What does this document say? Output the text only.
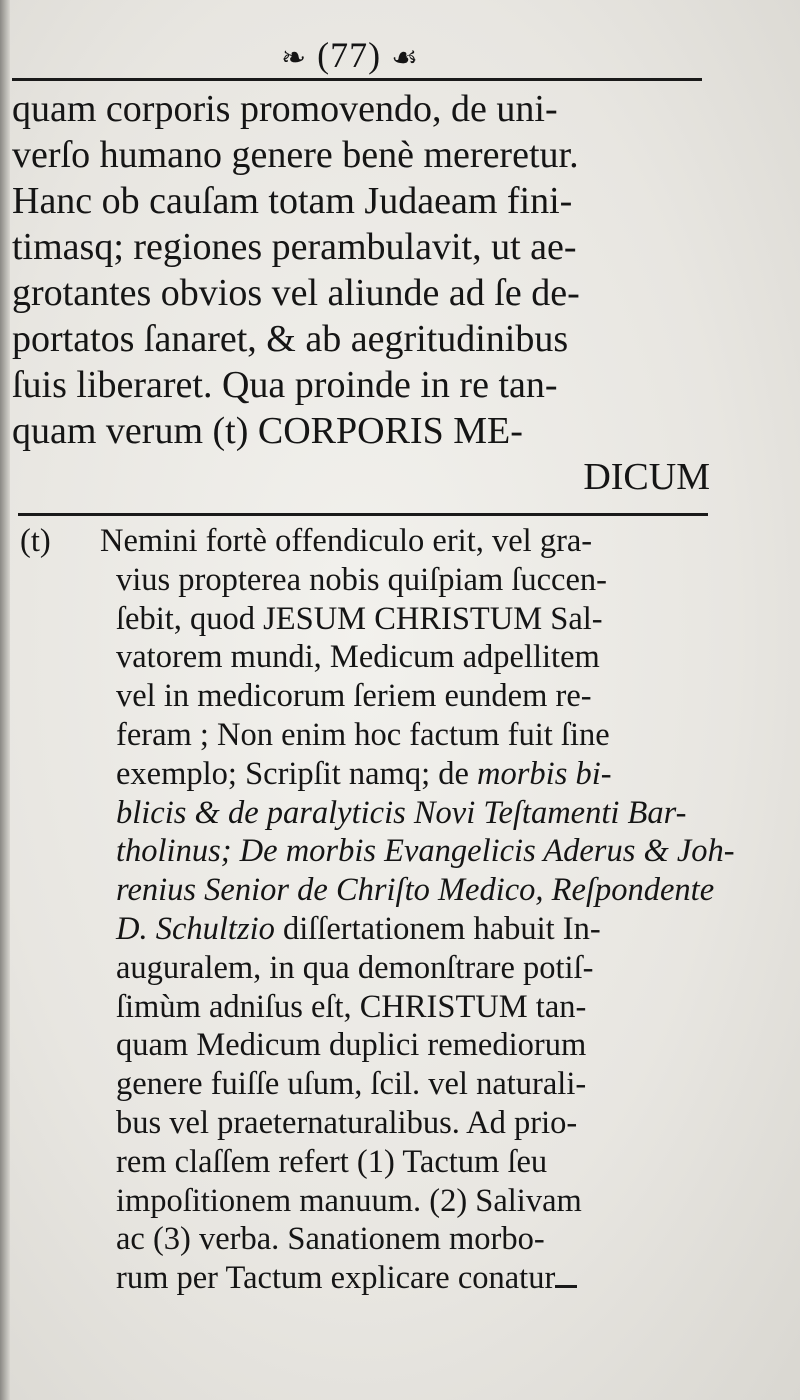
❧ (77) ☙
quam corporis promovendo, de uni-
verſo humano genere benè mereretur.
Hanc ob cauſam totam Judaeam fini-
timasq; regiones perambulavit, ut ae-
grotantes obvios vel aliunde ad ſe de-
portatos ſanaret, & ab aegritudinibus
ſuis liberaret. Qua proinde in re tan-
quam verum (t) CORPORIS ME-
DICUM
(t) Nemini fortè offendiculo erit, vel gra-
vius propterea nobis quiſpiam ſuccen-
ſebit, quod JESUM CHRISTUM Sal-
vatorem mundi, Medicum adpellitem
vel in medicorum ſeriem eundem re-
feram ; Non enim hoc factum fuit ſine
exemplo; Scripſit namq; de morbis bi-
blicis & de paralyticis Novi Teſtamenti Bar-
tholinus; De morbis Evangelicis Aderus & Joh-
renius Senior de Chriſto Medico, Reſpondente
D. Schultzio diſſertationem habuit In-
auguralem, in qua demonſtrare potiſ-
ſimùm adniſus eſt, CHRISTUM tan-
quam Medicum duplici remediorum
genere fuiſſe uſum, ſcil. vel naturali-
bus vel praeternaturalibus. Ad prio-
rem claſſem refert (1) Tactum ſeu
impoſitionem manuum. (2) Salivam
ac (3) verba. Sanationem morbo-
rum per Tactum explicare conatur
